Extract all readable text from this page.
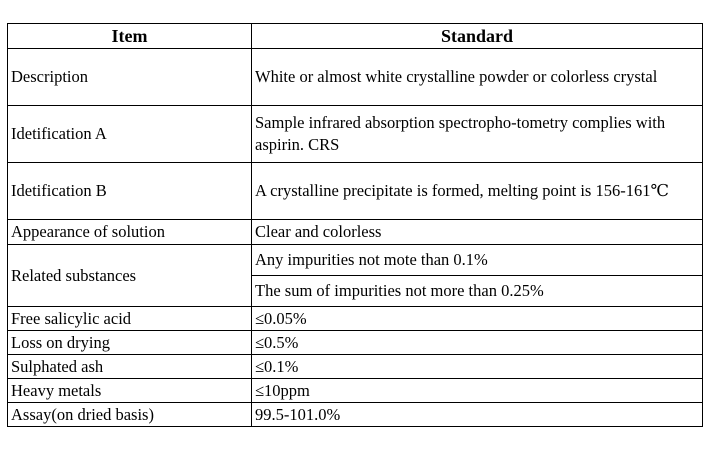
Item	Standard
Description	White or almost white crystalline powder or colorless crystal
Idetification A	Sample infrared absorption spectropho-tometry complies with aspirin. CRS
Idetification B	A crystalline precipitate is formed, melting point is 156-161℃
Appearance of solution	Clear and colorless
Related substances	Any impurities not mote than 0.1%
	The sum of impurities not more than 0.25%
Free salicylic acid	≤0.05%
Loss on drying	≤0.5%
Sulphated ash	≤0.1%
Heavy metals	≤10ppm
Assay(on dried basis)	99.5-101.0%
